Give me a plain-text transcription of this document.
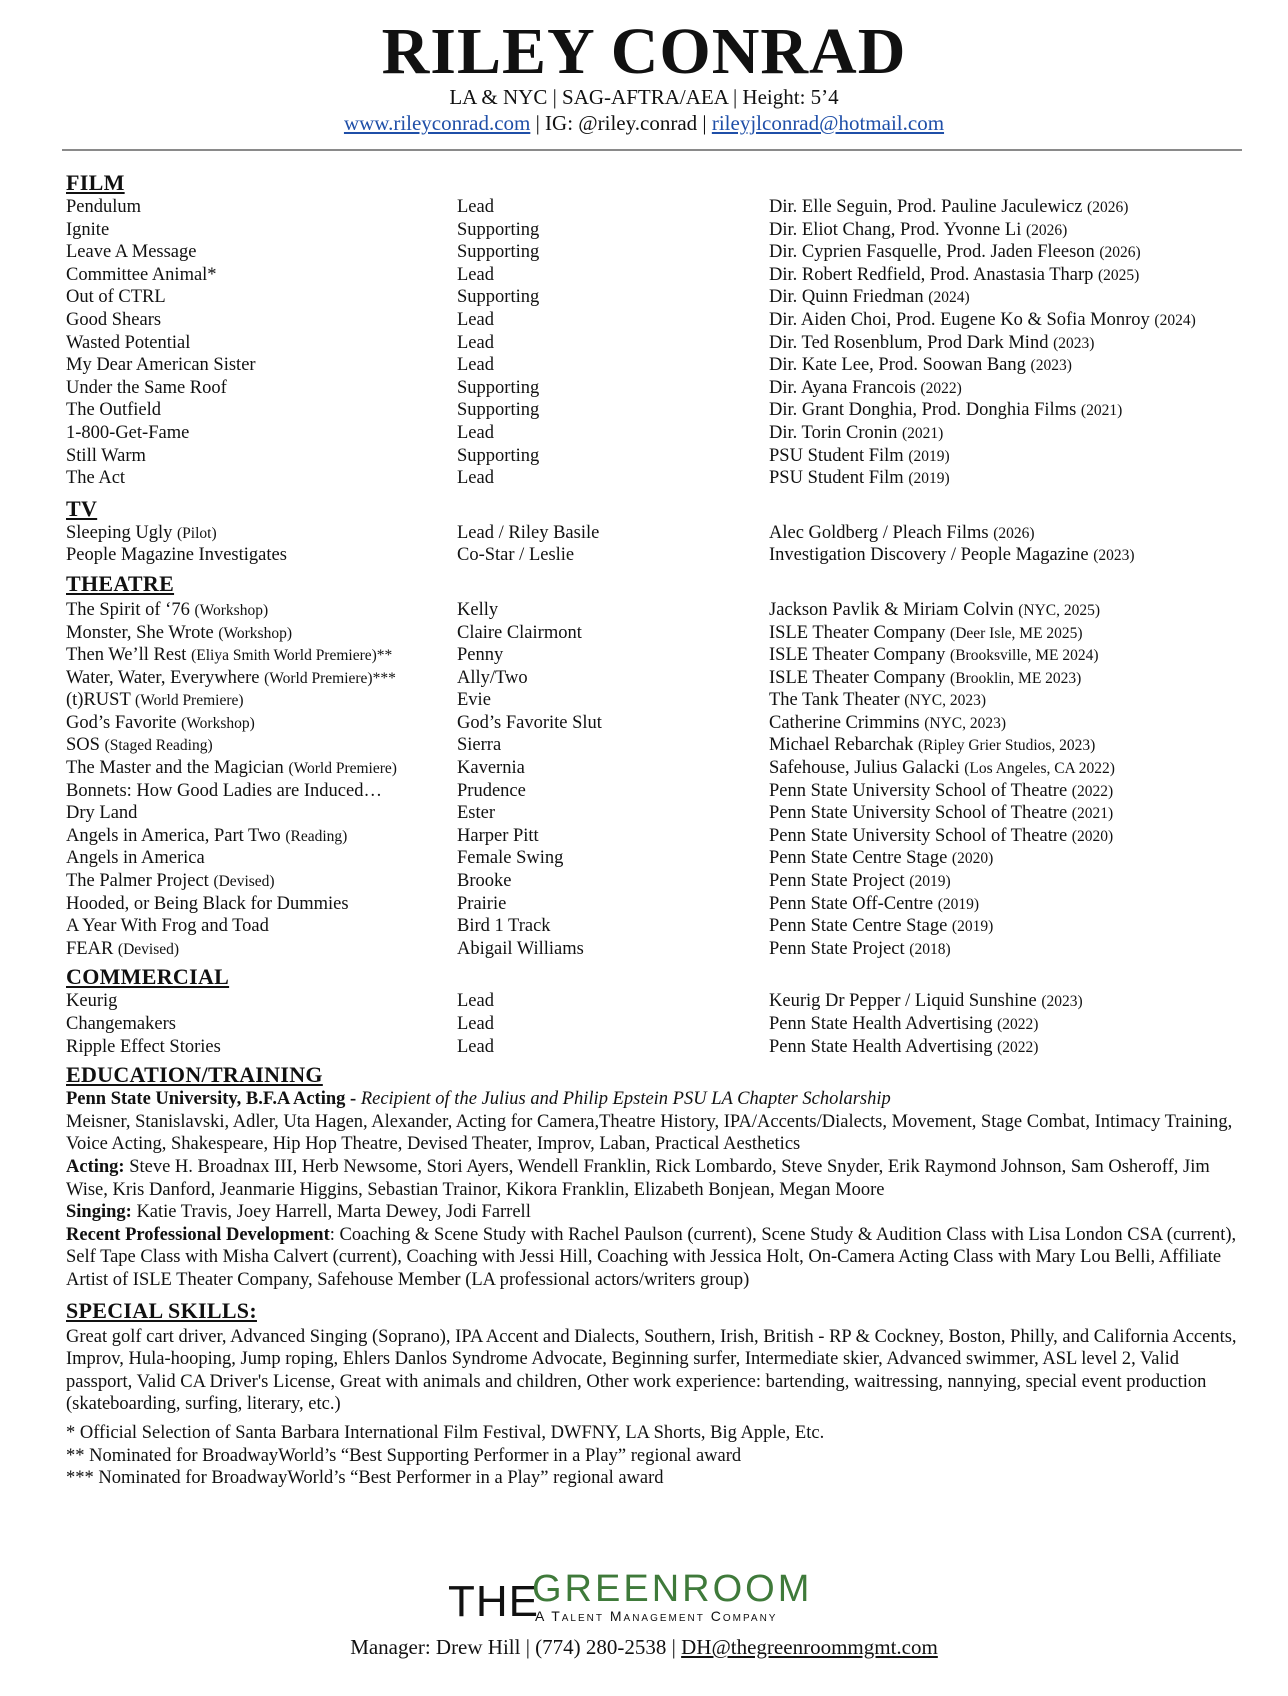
RILEY CONRAD
LA & NYC | SAG-AFTRA/AEA | Height: 5’4
www.rileyconrad.com | IG: @riley.conrad | rileyjlconrad@hotmail.com
FILM
Pendulum	Lead	Dir. Elle Seguin, Prod. Pauline Jaculewicz (2026)
Ignite	Supporting	Dir. Eliot Chang, Prod. Yvonne Li (2026)
Leave A Message	Supporting	Dir. Cyprien Fasquelle, Prod. Jaden Fleeson (2026)
Committee Animal*	Lead	Dir. Robert Redfield, Prod. Anastasia Tharp (2025)
Out of CTRL	Supporting	Dir. Quinn Friedman (2024)
Good Shears	Lead	Dir. Aiden Choi, Prod. Eugene Ko & Sofia Monroy (2024)
Wasted Potential	Lead	Dir. Ted Rosenblum, Prod Dark Mind (2023)
My Dear American Sister	Lead	Dir. Kate Lee, Prod. Soowan Bang (2023)
Under the Same Roof	Supporting	Dir. Ayana Francois (2022)
The Outfield	Supporting	Dir. Grant Donghia, Prod. Donghia Films (2021)
1-800-Get-Fame	Lead	Dir. Torin Cronin (2021)
Still Warm	Supporting	PSU Student Film (2019)
The Act	Lead	PSU Student Film (2019)
TV
Sleeping Ugly (Pilot)	Lead / Riley Basile	Alec Goldberg / Pleach Films (2026)
People Magazine Investigates	Co-Star / Leslie	Investigation Discovery / People Magazine (2023)
THEATRE
The Spirit of ‘76 (Workshop)	Kelly	Jackson Pavlik & Miriam Colvin (NYC, 2025)
Monster, She Wrote (Workshop)	Claire Clairmont	ISLE Theater Company (Deer Isle, ME 2025)
Then We’ll Rest (Eliya Smith World Premiere)**	Penny	ISLE Theater Company (Brooksville, ME 2024)
Water, Water, Everywhere (World Premiere)***	Ally/Two	ISLE Theater Company (Brooklin, ME 2023)
(t)RUST (World Premiere)	Evie	The Tank Theater (NYC, 2023)
God’s Favorite (Workshop)	God’s Favorite Slut	Catherine Crimmins (NYC, 2023)
SOS (Staged Reading)	Sierra	Michael Rebarchak (Ripley Grier Studios, 2023)
The Master and the Magician (World Premiere)	Kavernia	Safehouse, Julius Galacki (Los Angeles, CA 2022)
Bonnets: How Good Ladies are Induced…	Prudence	Penn State University School of Theatre (2022)
Dry Land	Ester	Penn State University School of Theatre (2021)
Angels in America, Part Two (Reading)	Harper Pitt	Penn State University School of Theatre (2020)
Angels in America	Female Swing	Penn State Centre Stage (2020)
The Palmer Project (Devised)	Brooke	Penn State Project (2019)
Hooded, or Being Black for Dummies	Prairie	Penn State Off-Centre (2019)
A Year With Frog and Toad	Bird 1 Track	Penn State Centre Stage (2019)
FEAR (Devised)	Abigail Williams	Penn State Project (2018)
COMMERCIAL
Keurig	Lead	Keurig Dr Pepper / Liquid Sunshine (2023)
Changemakers	Lead	Penn State Health Advertising (2022)
Ripple Effect Stories	Lead	Penn State Health Advertising (2022)
EDUCATION/TRAINING
Penn State University, B.F.A Acting - Recipient of the Julius and Philip Epstein PSU LA Chapter Scholarship
Meisner, Stanislavski, Adler, Uta Hagen, Alexander, Acting for Camera,Theatre History, IPA/Accents/Dialects, Movement, Stage Combat, Intimacy Training, Voice Acting, Shakespeare, Hip Hop Theatre, Devised Theater, Improv, Laban, Practical Aesthetics
Acting: Steve H. Broadnax III, Herb Newsome, Stori Ayers, Wendell Franklin, Rick Lombardo, Steve Snyder, Erik Raymond Johnson, Sam Osheroff, Jim Wise, Kris Danford, Jeanmarie Higgins, Sebastian Trainor, Kikora Franklin, Elizabeth Bonjean, Megan Moore
Singing: Katie Travis, Joey Harrell, Marta Dewey, Jodi Farrell
Recent Professional Development: Coaching & Scene Study with Rachel Paulson (current), Scene Study & Audition Class with Lisa London CSA (current), Self Tape Class with Misha Calvert (current), Coaching with Jessi Hill, Coaching with Jessica Holt, On-Camera Acting Class with Mary Lou Belli, Affiliate Artist of ISLE Theater Company, Safehouse Member (LA professional actors/writers group)
SPECIAL SKILLS:
Great golf cart driver, Advanced Singing (Soprano), IPA Accent and Dialects, Southern, Irish, British - RP & Cockney, Boston, Philly, and California Accents, Improv, Hula-hooping, Jump roping, Ehlers Danlos Syndrome Advocate, Beginning surfer, Intermediate skier, Advanced swimmer, ASL level 2, Valid passport, Valid CA Driver's License, Great with animals and children, Other work experience: bartending, waitressing, nannying, special event production (skateboarding, surfing, literary, etc.)
* Official Selection of Santa Barbara International Film Festival, DWFNY, LA Shorts, Big Apple, Etc.
** Nominated for BroadwayWorld’s “Best Supporting Performer in a Play” regional award
*** Nominated for BroadwayWorld’s “Best Performer in a Play” regional award
THE
GREENROOM
A Talent Management Company
Manager: Drew Hill | (774) 280-2538 | DH@thegreenroommgmt.com
